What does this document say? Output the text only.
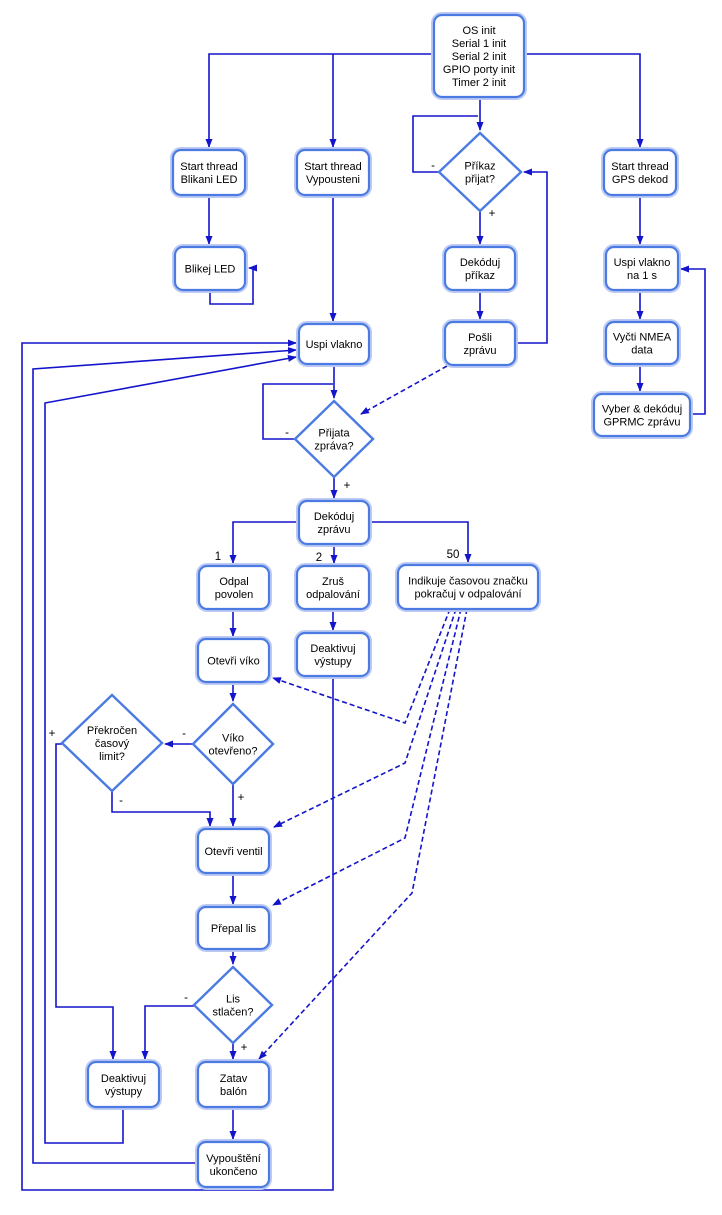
OS init Serial 1 init Serial 2 init GPIO porty init Timer 2 init
Start thread Blikani LED
Start thread Vypousteni
Start thread GPS dekod
Blikej LED
Dekóduj příkaz
Pošli zprávu
Uspi vlakno na 1 s
Vyčti NMEA data
Vyber & dekóduj GPRMC zprávu
Uspi vlakno
Dekóduj zprávu
Odpal povolen
Zruš odpalování
Indikuje časovou značku pokračuj v odpalování
Otevři víko
Deaktivuj výstupy
Otevři ventil
Přepal lis
Deaktivuj výstupy
Zatav balón
Vypouštění ukončeno
Příkaz přijat?
Přijata zpráva?
Překročen časový limit?
Víko otevřeno?
Lis stlačen?
-
+
-
+
1	2	50
+	-
-	+
-
+
